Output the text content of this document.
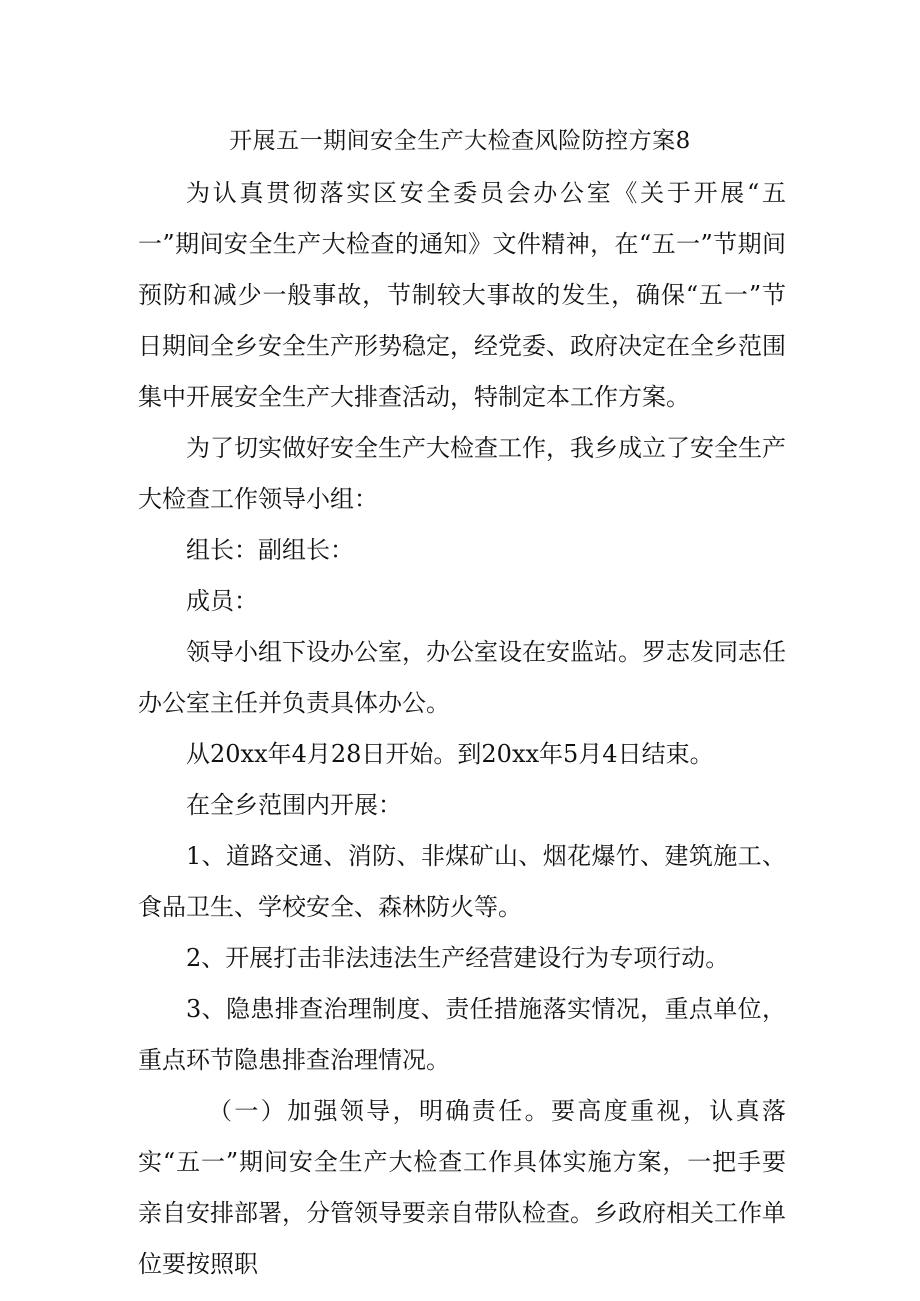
开展五一期间安全生产大检查风险防控方案8

为认真贯彻落实区安全委员会办公室《关于开展“五一”期间安全生产大检查的通知》文件精神，在“五一”节期间预防和减少一般事故，节制较大事故的发生，确保“五一”节日期间全乡安全生产形势稳定，经党委、政府决定在全乡范围集中开展安全生产大排查活动，特制定本工作方案。

为了切实做好安全生产大检查工作，我乡成立了安全生产大检查工作领导小组：

组长：副组长：

成员：

领导小组下设办公室，办公室设在安监站。罗志发同志任办公室主任并负责具体办公。

从20xx年4月28日开始。到20xx年5月4日结束。

在全乡范围内开展：

1、道路交通、消防、非煤矿山、烟花爆竹、建筑施工、食品卫生、学校安全、森林防火等。

2、开展打击非法违法生产经营建设行为专项行动。

3、隐患排查治理制度、责任措施落实情况，重点单位，重点环节隐患排查治理情况。

（一）加强领导，明确责任。要高度重视，认真落实“五一”期间安全生产大检查工作具体实施方案，一把手要亲自安排部署，分管领导要亲自带队检查。乡政府相关工作单位要按照职
